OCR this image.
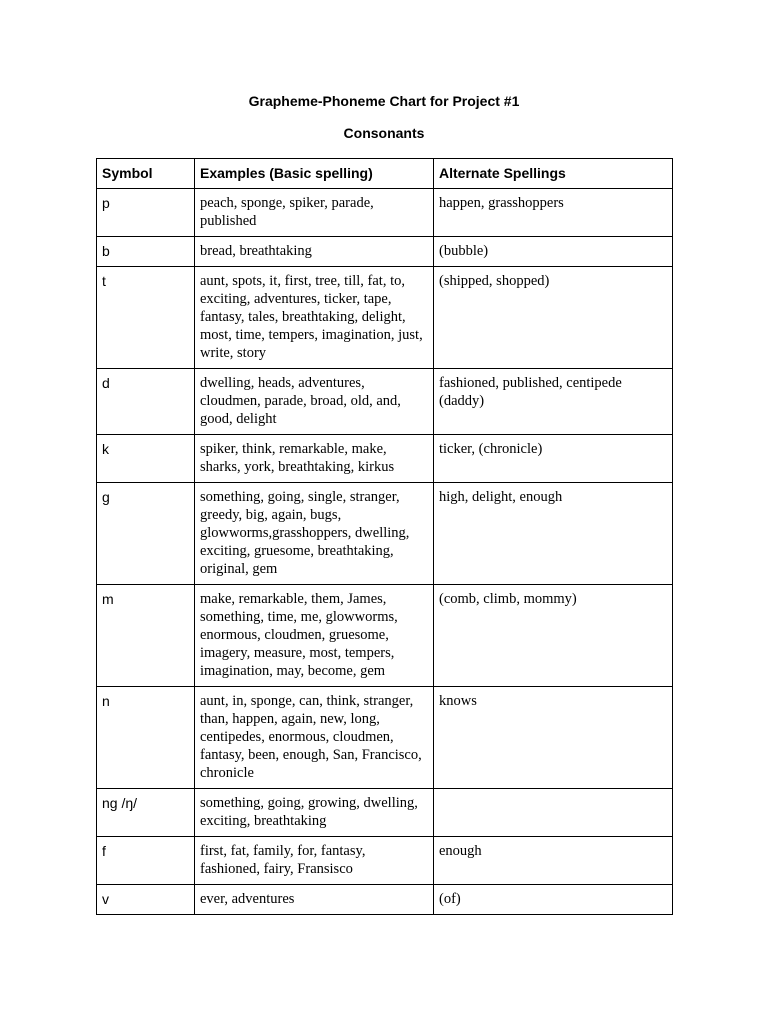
Grapheme-Phoneme Chart for Project #1
Consonants
Symbol	Examples (Basic spelling)	Alternate Spellings
p	peach, sponge, spiker, parade, published	happen, grasshoppers
b	bread, breathtaking	(bubble)
t	aunt, spots, it, first, tree, till, fat, to, exciting, adventures, ticker, tape, fantasy, tales, breathtaking, delight, most, time, tempers, imagination, just, write, story	(shipped, shopped)
d	dwelling, heads, adventures, cloudmen, parade, broad, old, and, good, delight	fashioned, published, centipede (daddy)
k	spiker, think, remarkable, make, sharks, york, breathtaking, kirkus	ticker, (chronicle)
g	something, going, single, stranger, greedy, big, again, bugs, glowworms,grasshoppers, dwelling, exciting, gruesome, breathtaking, original, gem	high, delight, enough
m	make, remarkable, them, James, something, time, me, glowworms, enormous, cloudmen, gruesome, imagery, measure, most, tempers, imagination, may, become, gem	(comb, climb, mommy)
n	aunt, in, sponge, can, think, stranger, than, happen, again, new, long, centipedes, enormous, cloudmen, fantasy, been, enough, San, Francisco, chronicle	knows
ng /ŋ/	something, going, growing, dwelling, exciting, breathtaking	
f	first, fat, family, for, fantasy, fashioned, fairy, Fransisco	enough
v	ever, adventures	(of)
